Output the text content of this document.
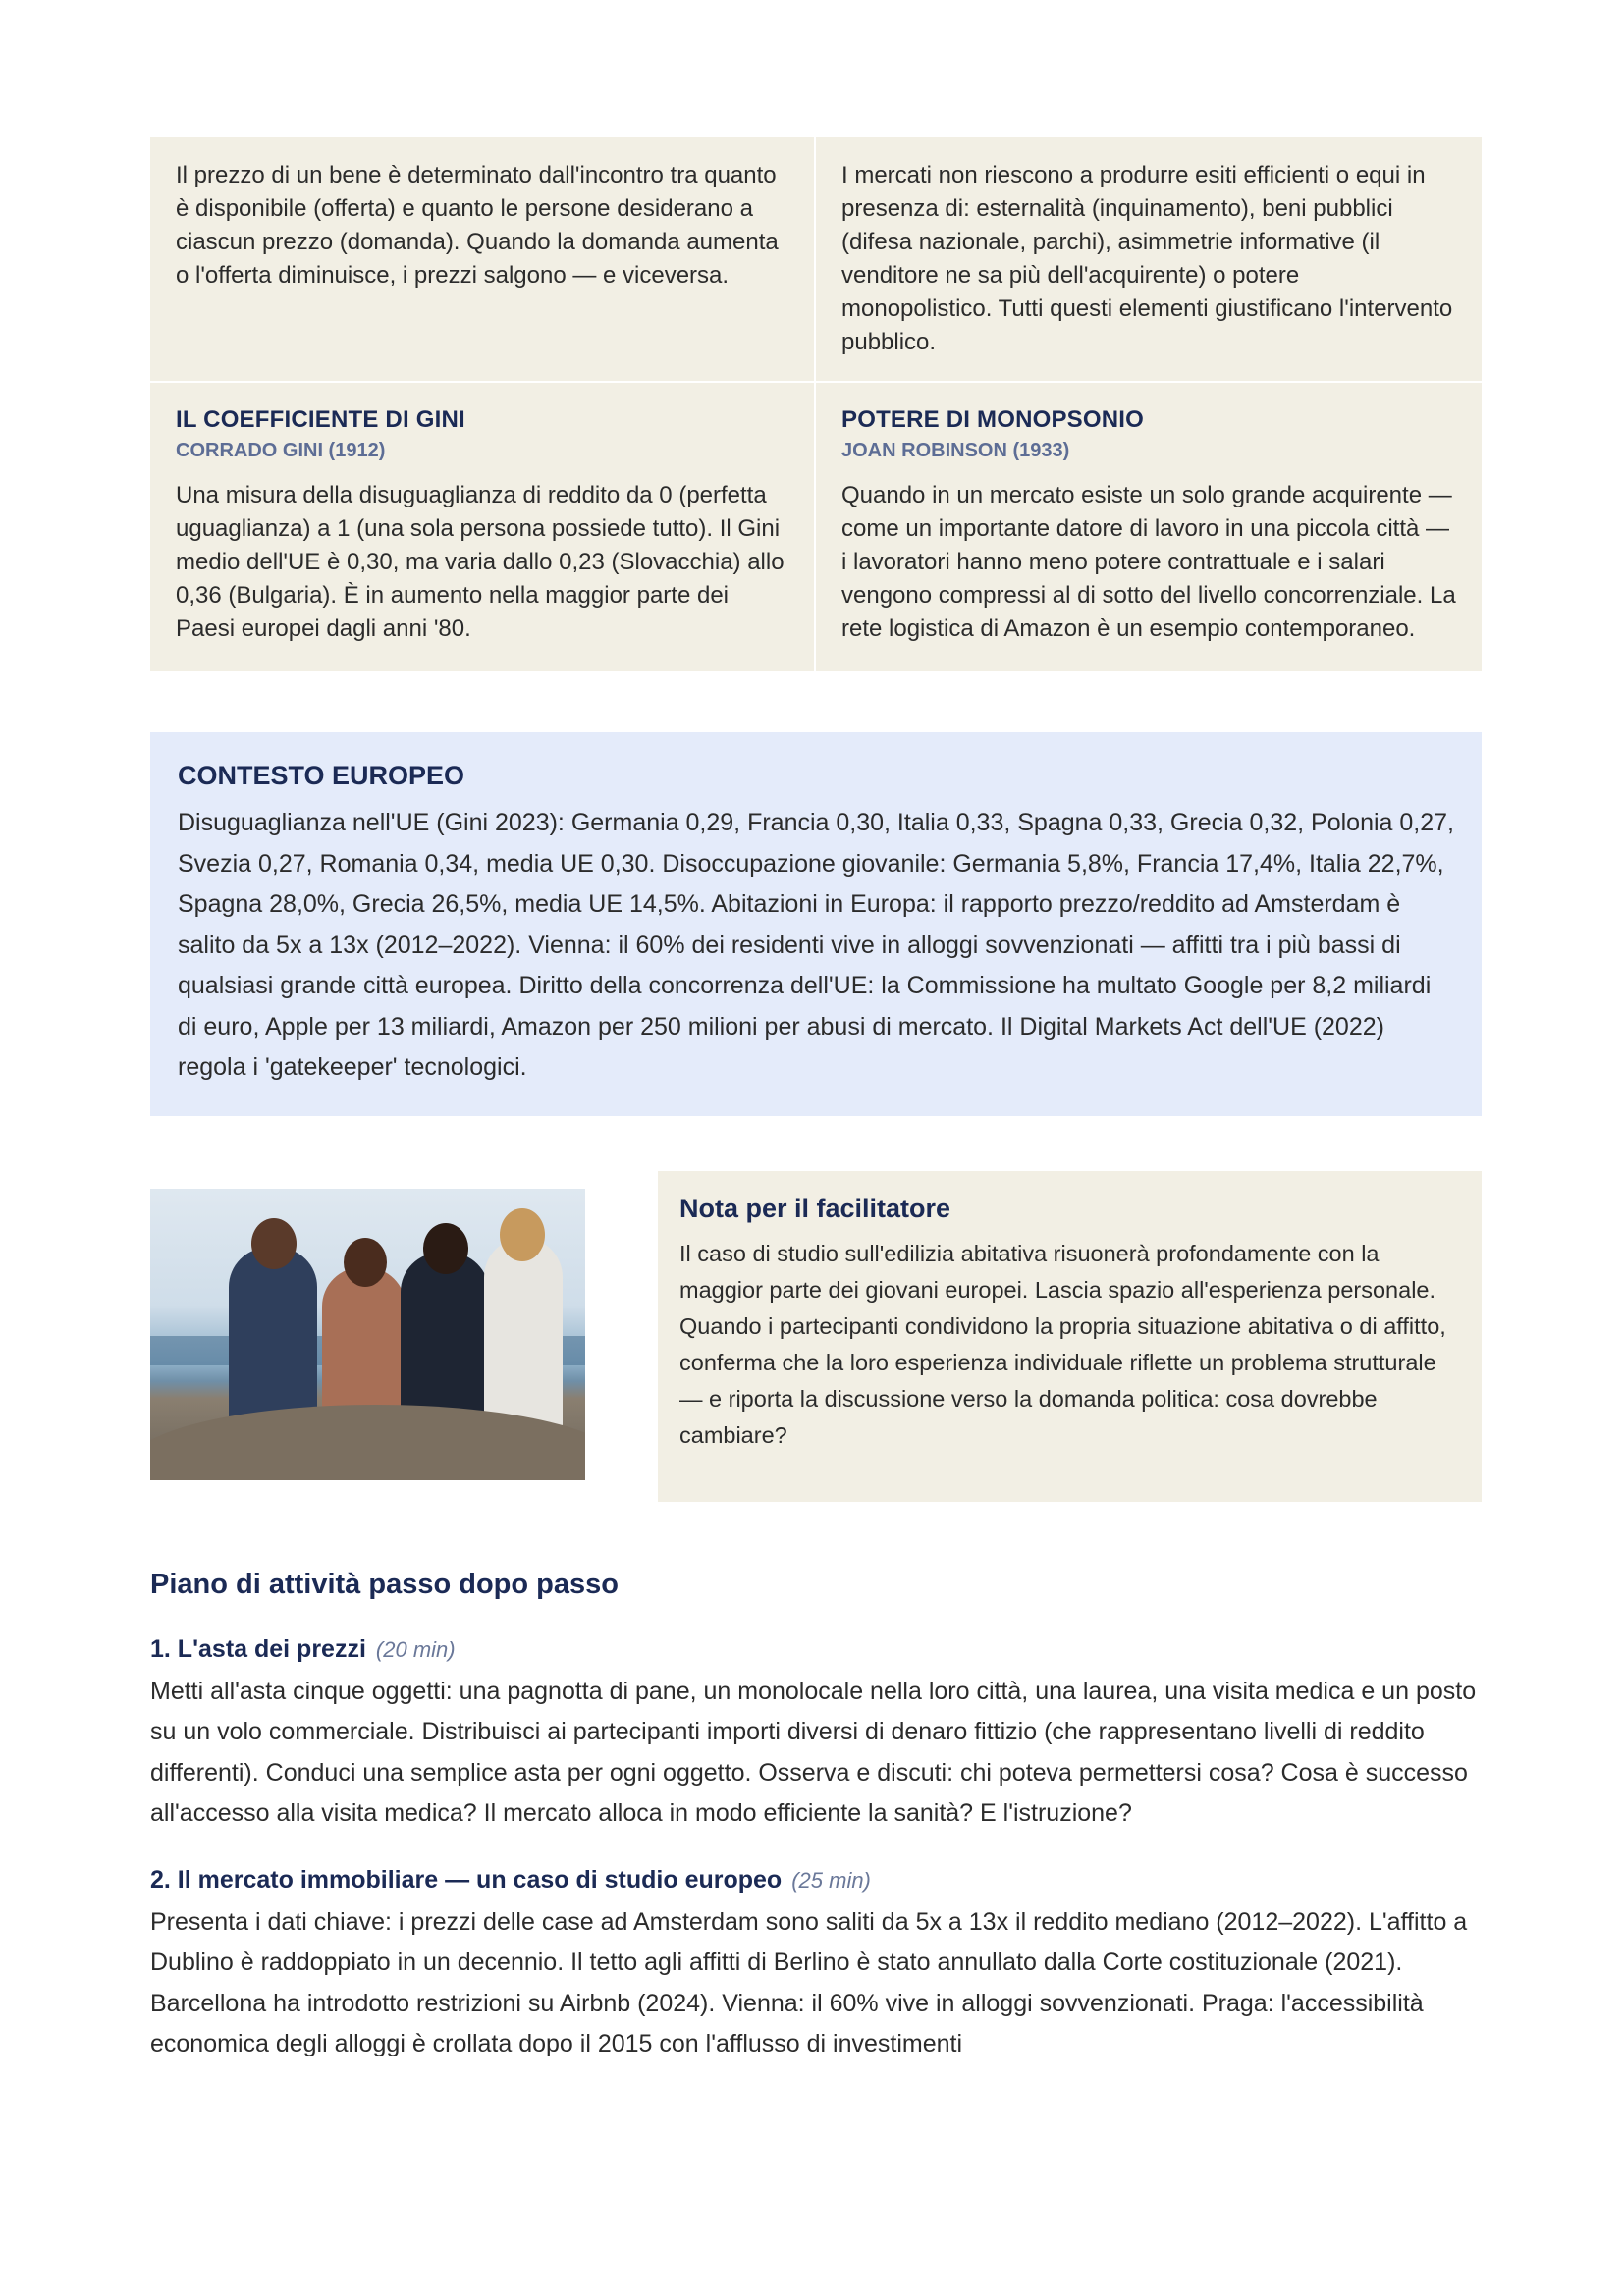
Il prezzo di un bene è determinato dall'incontro tra quanto è disponibile (offerta) e quanto le persone desiderano a ciascun prezzo (domanda). Quando la domanda aumenta o l'offerta diminuisce, i prezzi salgono — e viceversa.

I mercati non riescono a produrre esiti efficienti o equi in presenza di: esternalità (inquinamento), beni pubblici (difesa nazionale, parchi), asimmetrie informative (il venditore ne sa più dell'acquirente) o potere monopolistico. Tutti questi elementi giustificano l'intervento pubblico.

IL COEFFICIENTE DI GINI
CORRADO GINI (1912)

Una misura della disuguaglianza di reddito da 0 (perfetta uguaglianza) a 1 (una sola persona possiede tutto). Il Gini medio dell'UE è 0,30, ma varia dallo 0,23 (Slovacchia) allo 0,36 (Bulgaria). È in aumento nella maggior parte dei Paesi europei dagli anni '80.

POTERE DI MONOPSONIO
JOAN ROBINSON (1933)

Quando in un mercato esiste un solo grande acquirente — come un importante datore di lavoro in una piccola città — i lavoratori hanno meno potere contrattuale e i salari vengono compressi al di sotto del livello concorrenziale. La rete logistica di Amazon è un esempio contemporaneo.

CONTESTO EUROPEO

Disuguaglianza nell'UE (Gini 2023): Germania 0,29, Francia 0,30, Italia 0,33, Spagna 0,33, Grecia 0,32, Polonia 0,27, Svezia 0,27, Romania 0,34, media UE 0,30. Disoccupazione giovanile: Germania 5,8%, Francia 17,4%, Italia 22,7%, Spagna 28,0%, Grecia 26,5%, media UE 14,5%. Abitazioni in Europa: il rapporto prezzo/reddito ad Amsterdam è salito da 5x a 13x (2012–2022). Vienna: il 60% dei residenti vive in alloggi sovvenzionati — affitti tra i più bassi di qualsiasi grande città europea. Diritto della concorrenza dell'UE: la Commissione ha multato Google per 8,2 miliardi di euro, Apple per 13 miliardi, Amazon per 250 milioni per abusi di mercato. Il Digital Markets Act dell'UE (2022) regola i 'gatekeeper' tecnologici.

Nota per il facilitatore

Il caso di studio sull'edilizia abitativa risuonerà profondamente con la maggior parte dei giovani europei. Lascia spazio all'esperienza personale. Quando i partecipanti condividono la propria situazione abitativa o di affitto, conferma che la loro esperienza individuale riflette un problema strutturale — e riporta la discussione verso la domanda politica: cosa dovrebbe cambiare?

Piano di attività passo dopo passo
1. L'asta dei prezzi (20 min)

Metti all'asta cinque oggetti: una pagnotta di pane, un monolocale nella loro città, una laurea, una visita medica e un posto su un volo commerciale. Distribuisci ai partecipanti importi diversi di denaro fittizio (che rappresentano livelli di reddito differenti). Conduci una semplice asta per ogni oggetto. Osserva e discuti: chi poteva permettersi cosa? Cosa è successo all'accesso alla visita medica? Il mercato alloca in modo efficiente la sanità? E l'istruzione?

2. Il mercato immobiliare — un caso di studio europeo (25 min)

Presenta i dati chiave: i prezzi delle case ad Amsterdam sono saliti da 5x a 13x il reddito mediano (2012–2022). L'affitto a Dublino è raddoppiato in un decennio. Il tetto agli affitti di Berlino è stato annullato dalla Corte costituzionale (2021). Barcellona ha introdotto restrizioni su Airbnb (2024). Vienna: il 60% vive in alloggi sovvenzionati. Praga: l'accessibilità economica degli alloggi è crollata dopo il 2015 con l'afflusso di investimenti
